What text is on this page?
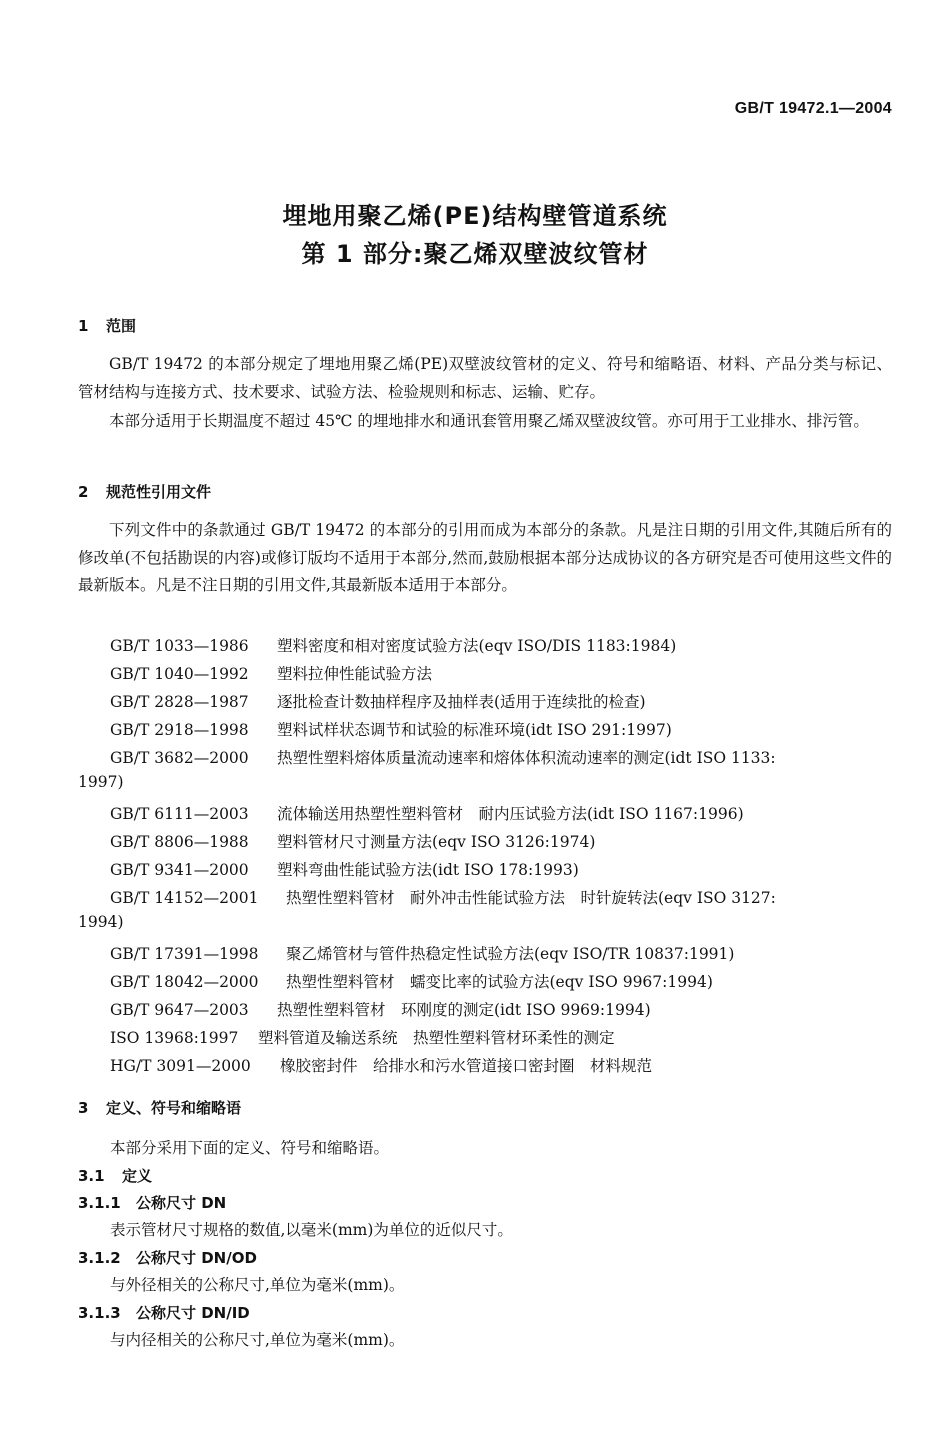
GB/T 19472.1—2004
埋地用聚乙烯(PE)结构壁管道系统
第 1 部分:聚乙烯双壁波纹管材
1 范围

GB/T 19472 的本部分规定了埋地用聚乙烯(PE)双壁波纹管材的定义、符号和缩略语、材料、产品分类与标记、管材结构与连接方式、技术要求、试验方法、检验规则和标志、运输、贮存。

本部分适用于长期温度不超过 45℃ 的埋地排水和通讯套管用聚乙烯双壁波纹管。亦可用于工业排水、排污管。

2 规范性引用文件

下列文件中的条款通过 GB/T 19472 的本部分的引用而成为本部分的条款。凡是注日期的引用文件,其随后所有的修改单(不包括勘误的内容)或修订版均不适用于本部分,然而,鼓励根据本部分达成协议的各方研究是否可使用这些文件的最新版本。凡是不注日期的引用文件,其最新版本适用于本部分。

GB/T 1033—1986 塑料密度和相对密度试验方法(eqv ISO/DIS 1183:1984)
GB/T 1040—1992 塑料拉伸性能试验方法
GB/T 2828—1987 逐批检查计数抽样程序及抽样表(适用于连续批的检查)
GB/T 2918—1998 塑料试样状态调节和试验的标准环境(idt ISO 291:1997)
GB/T 3682—2000 热塑性塑料熔体质量流动速率和熔体体积流动速率的测定(idt ISO 1133:
1997)
GB/T 6111—2003 流体输送用热塑性塑料管材　耐内压试验方法(idt ISO 1167:1996)
GB/T 8806—1988 塑料管材尺寸测量方法(eqv ISO 3126:1974)
GB/T 9341—2000 塑料弯曲性能试验方法(idt ISO 178:1993)
GB/T 14152—2001 热塑性塑料管材　耐外冲击性能试验方法　时针旋转法(eqv ISO 3127:
1994)
GB/T 17391—1998 聚乙烯管材与管件热稳定性试验方法(eqv ISO/TR 10837:1991)
GB/T 18042—2000 热塑性塑料管材　蠕变比率的试验方法(eqv ISO 9967:1994)
GB/T 9647—2003 热塑性塑料管材　环刚度的测定(idt ISO 9969:1994)
ISO 13968:1997 塑料管道及输送系统　热塑性塑料管材环柔性的测定
HG/T 3091—2000 橡胶密封件　给排水和污水管道接口密封圈　材料规范
3 定义、符号和缩略语
本部分采用下面的定义、符号和缩略语。
3.1 定义
3.1.1 公称尺寸 DN
表示管材尺寸规格的数值,以毫米(mm)为单位的近似尺寸。
3.1.2 公称尺寸 DN/OD
与外径相关的公称尺寸,单位为毫米(mm)。
3.1.3 公称尺寸 DN/ID
与内径相关的公称尺寸,单位为毫米(mm)。
